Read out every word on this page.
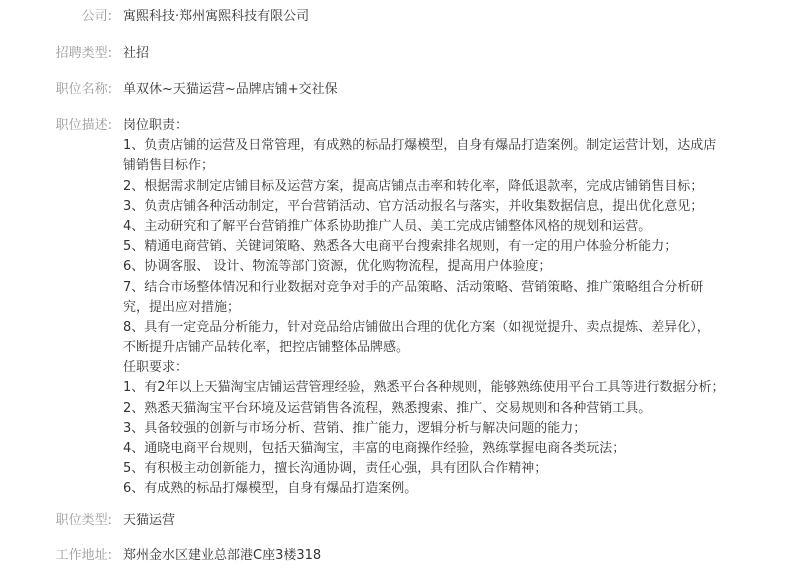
公司: 寓熙科技·郑州寓熙科技有限公司
招聘类型: 社招
职位名称: 单双休~天猫运营~品牌店铺+交社保
职位描述: 岗位职责：
1、负责店铺的运营及日常管理，有成熟的标品打爆模型，自身有爆品打造案例。制定运营计划，达成店
铺销售目标作；
2、根据需求制定店铺目标及运营方案，提高店铺点击率和转化率，降低退款率，完成店铺销售目标；
3、负责店铺各种活动制定，平台营销活动、官方活动报名与落实，并收集数据信息，提出优化意见；
4、主动研究和了解平台营销推广体系协助推广人员、美工完成店铺整体风格的规划和运营。
5、精通电商营销、关键词策略、熟悉各大电商平台搜索排名规则，有一定的用户体验分析能力；
6、协调客服、 设计、物流等部门资源，优化购物流程，提高用户体验度；
7、结合市场整体情况和行业数据对竞争对手的产品策略、活动策略、营销策略、推广策略组合分析研
究，提出应对措施；
8、具有一定竞品分析能力，针对竞品给店铺做出合理的优化方案（如视觉提升、卖点提炼、差异化），
不断提升店铺产品转化率，把控店铺整体品牌感。
任职要求：
1、有2年以上天猫淘宝店铺运营管理经验，熟悉平台各种规则，能够熟练使用平台工具等进行数据分析；
2、熟悉天猫淘宝平台环境及运营销售各流程，熟悉搜索、推广、交易规则和各种营销工具。
3、具备较强的创新与市场分析、营销、推广能力，逻辑分析与解决问题的能力；
4、通晓电商平台规则，包括天猫淘宝，丰富的电商操作经验，熟练掌握电商各类玩法；
5、有积极主动创新能力，擅长沟通协调，责任心强，具有团队合作精神；
6、有成熟的标品打爆模型，自身有爆品打造案例。
职位类型: 天猫运营
工作地址: 郑州金水区建业总部港C座3楼318
